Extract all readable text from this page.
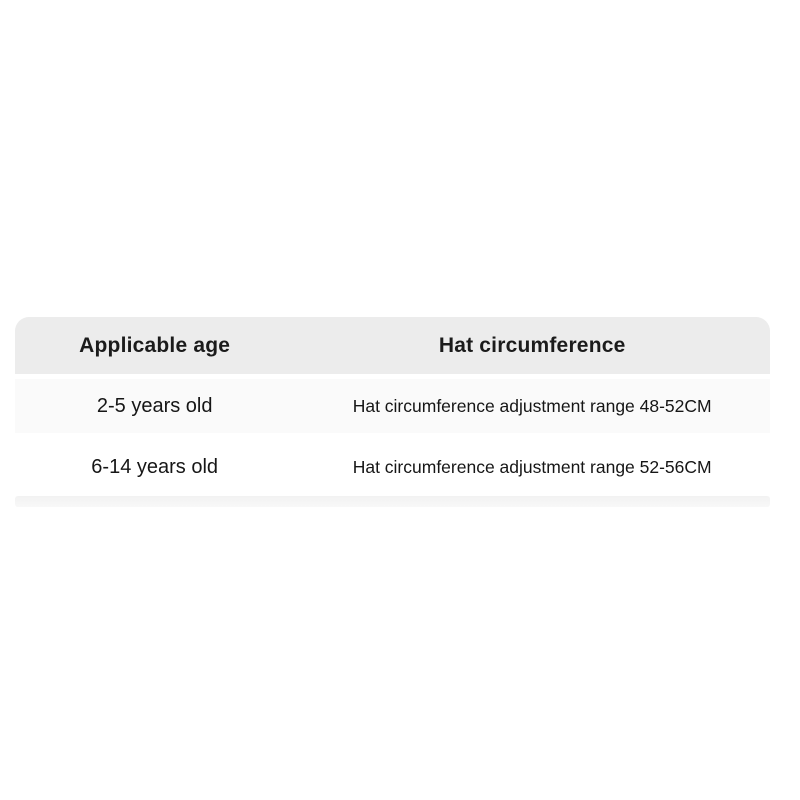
Applicable age	Hat circumference
2-5 years old	Hat circumference adjustment range 48-52CM
6-14 years old	Hat circumference adjustment range 52-56CM
